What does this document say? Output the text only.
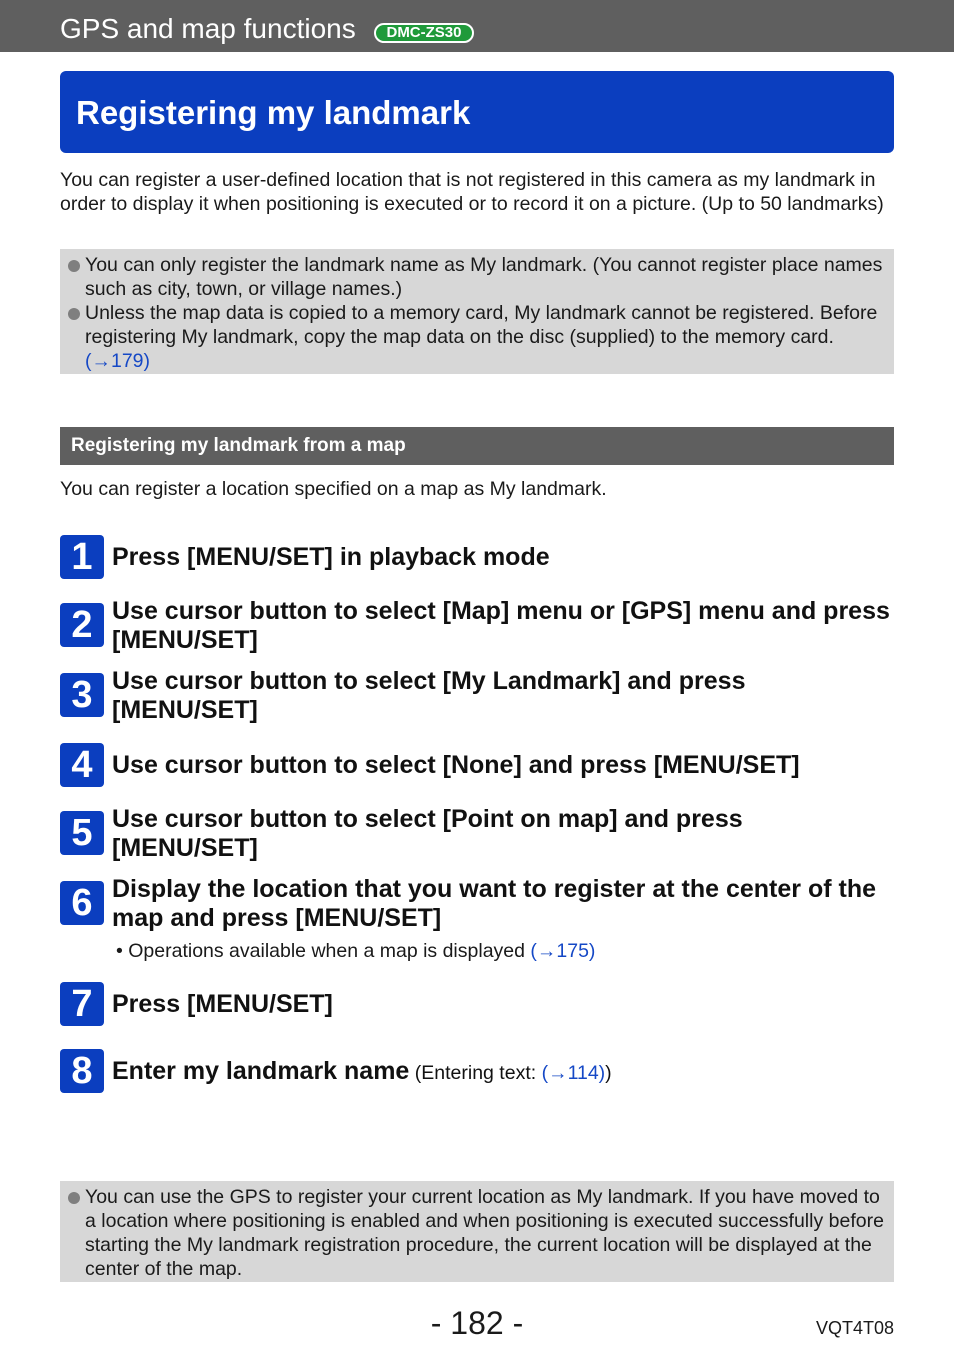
GPS and map functions	DMC-ZS30
Registering my landmark
You can register a user-defined location that is not registered in this camera as my landmark in order to display it when positioning is executed or to record it on a picture. (Up to 50 landmarks)
You can only register the landmark name as My landmark. (You cannot register place names such as city, town, or village names.)
Unless the map data is copied to a memory card, My landmark cannot be registered. Before registering My landmark, copy the map data on the disc (supplied) to the memory card. (→179)
Registering my landmark from a map
You can register a location specified on a map as My landmark.
1 Press [MENU/SET] in playback mode
2 Use cursor button to select [Map] menu or [GPS] menu and press [MENU/SET]
3 Use cursor button to select [My Landmark] and press [MENU/SET]
4 Use cursor button to select [None] and press [MENU/SET]
5 Use cursor button to select [Point on map] and press [MENU/SET]
6 Display the location that you want to register at the center of the map and press [MENU/SET]
• Operations available when a map is displayed (→175)
7 Press [MENU/SET]
8 Enter my landmark name (Entering text: (→114))
You can use the GPS to register your current location as My landmark. If you have moved to a location where positioning is enabled and when positioning is executed successfully before starting the My landmark registration procedure, the current location will be displayed at the center of the map.
- 182 -	VQT4T08
